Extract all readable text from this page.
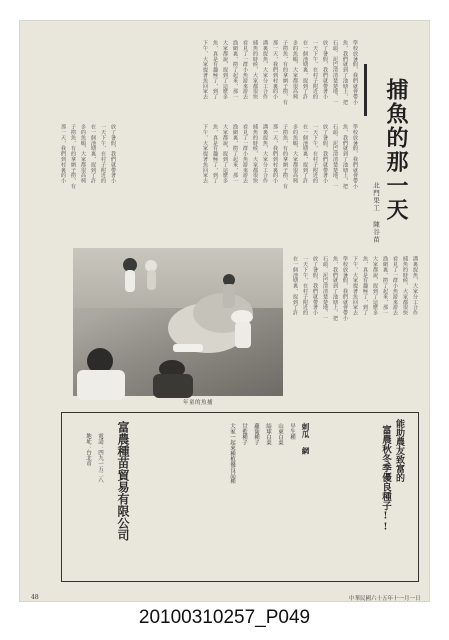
捕魚的那一天
北門果工 陳谷苗
學校放暑假，我們就會帶小
魚，我們就到了池塘上，把
石頭、泥巴清清楚楚地，一
放了暑假，我們就帶著小
一天下午，在村子附近的
在一個池塘裏，捉到了許
多的魚蝦，大家都很高興
子撈魚，有的拿網子撈，有
那一天，我們到村裏的小
溝裏捉魚，大家分工合作
捕魚的時候，大家都很快
看見了一群小魚游來游去
漁網裏，撈了起來，那一
大家都說，捉到了這麼多
魚，真是有趣極了，到了
下午，大家提著魚回家去
學校放暑假，我們就會帶小
魚，我們就到了池塘上，把
石頭、泥巴清清楚楚地，一
放了暑假，我們就帶著小
一天下午，在村子附近的
在一個池塘裏，捉到了許
多的魚蝦，大家都很高興
子撈魚，有的拿網子撈，有
那一天，我們到村裏的小
溝裏捉魚，大家分工合作
捕魚的時候，大家都很快
看見了一群小魚游來游去
漁網裏，撈了起來，那一
大家都說，捉到了這麼多
魚，真是有趣極了，到了
下午，大家提著魚回家去
放了暑假，我們就帶著小
一天下午，在村子附近的
在一個池塘裏，捉到了許
多的魚蝦，大家都很高興
子撈魚，有的拿網子撈，有
那一天，我們到村裏的小
溝裏捉魚，大家分工合作
捕魚的時候，大家都很快
看見了一群小魚游來游去
漁網裏，撈了起來，那一
大家都說，捉到了這麼多
魚，真是有趣極了，到了
下午，大家提著魚回家去
學校放暑假，我們就會帶小
魚，我們就到了池塘上，把
石頭、泥巴清清楚楚地，一
放了暑假，我們就帶著小
一天下午，在村子附近的
在一個池塘裏，捉到了許
年童的魚捕
能助農友致富的
富農秋冬季優良種子!!
剌瓜 網
早生種
山東白菜
結球白菜
蘿蔔種子
甘藍種子
大家一起來種植優良品種
富農種苗貿易有限公司
電話：四九一五二八
地址：台北市
48	中華民國六十五年十一月一日
20100310257_P049
